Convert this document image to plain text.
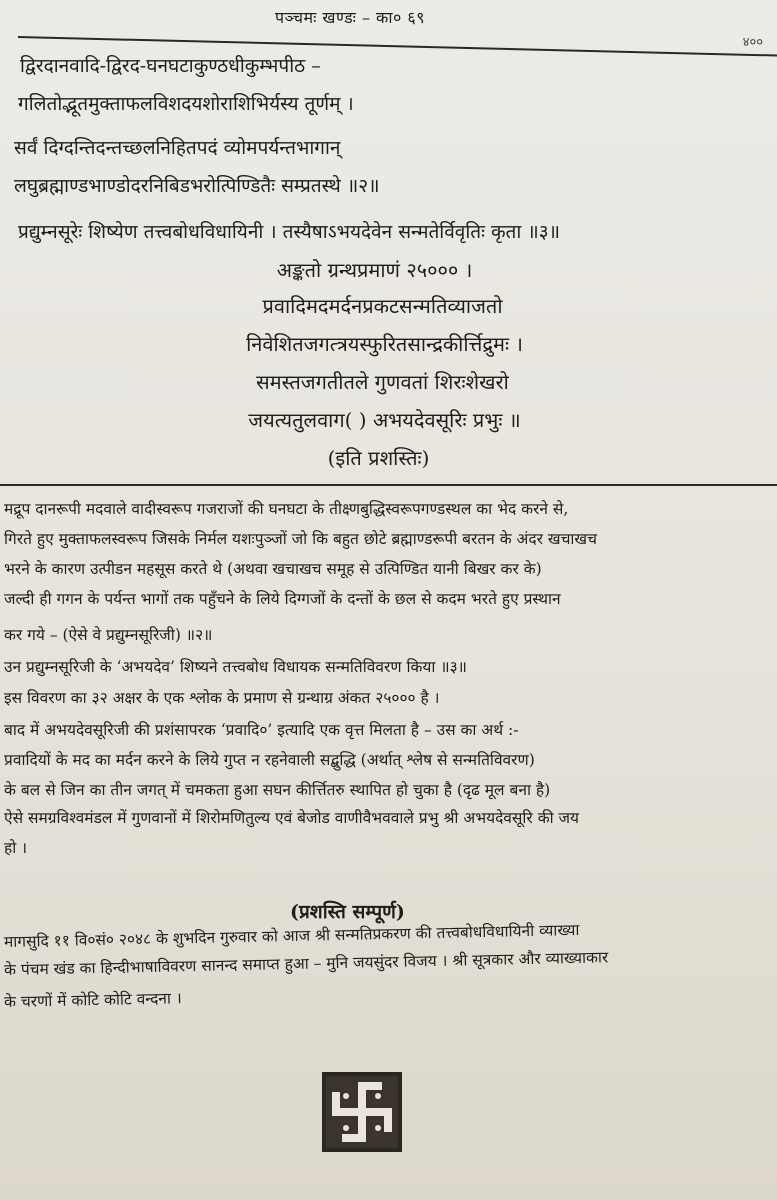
पञ्चमः खण्डः – का० ६९
४००
द्विरदानवादि-द्विरद-घनघटाकुण्ठधीकुम्भपीठ –
गलितोद्भूतमुक्ताफलविशदयशोराशिभिर्यस्य तूर्णम् ।
सर्वं दिग्दन्तिदन्तच्छलनिहितपदं व्योमपर्यन्तभागान्
लघुब्रह्माण्डभाण्डोदरनिबिडभरोत्पिण्डितैः सम्प्रतस्थे ॥२॥
प्रद्युम्नसूरेः शिष्येण तत्त्वबोधविधायिनी । तस्यैषाऽभयदेवेन सन्मतेर्विवृतिः कृता ॥३॥
अङ्कतो ग्रन्थप्रमाणं २५००० ।
प्रवादिमदमर्दनप्रकटसन्मतिव्याजतो
निवेशितजगत्त्रयस्फुरितसान्द्रकीर्त्तिद्रुमः ।
समस्तजगतीतले गुणवतां शिरःशेखरो
जयत्यतुलवाग( ) अभयदेवसूरिः प्रभुः ॥
(इति प्रशस्तिः)
मद्रूप दानरूपी मदवाले वादीस्वरूप गजराजों की घनघटा के तीक्ष्णबुद्धिस्वरूपगण्डस्थल का भेद करने से,
गिरते हुए मुक्ताफलस्वरूप जिसके निर्मल यशःपुञ्जों जो कि बहुत छोटे ब्रह्माण्डरूपी बरतन के अंदर खचाखच
भरने के कारण उत्पीडन महसूस करते थे (अथवा खचाखच समूह से उत्पिण्डित यानी बिखर कर के)
जल्दी ही गगन के पर्यन्त भागों तक पहुँचने के लिये दिग्गजों के दन्तों के छल से कदम भरते हुए प्रस्थान
कर गये – (ऐसे वे प्रद्युम्नसूरिजी) ॥२॥
उन प्रद्युम्नसूरिजी के ‘अभयदेव’ शिष्यने तत्त्वबोध विधायक सन्मतिविवरण किया ॥३॥
इस विवरण का ३२ अक्षर के एक श्लोक के प्रमाण से ग्रन्थाग्र अंकत २५००० है ।
बाद में अभयदेवसूरिजी की प्रशंसापरक ‘प्रवादि०’ इत्यादि एक वृत्त मिलता है – उस का अर्थ :-
प्रवादियों के मद का मर्दन करने के लिये गुप्त न रहनेवाली सद्बुद्धि (अर्थात् श्लेष से सन्मतिविवरण)
के बल से जिन का तीन जगत् में चमकता हुआ सघन कीर्त्तितरु स्थापित हो चुका है (दृढ मूल बना है)
ऐसे समग्रविश्वमंडल में गुणवानों में शिरोमणितुल्य एवं बेजोड वाणीवैभववाले प्रभु श्री अभयदेवसूरि की जय
हो ।
(प्रशस्ति सम्पूर्ण)
मागसुदि ११ वि०सं० २०४८ के शुभदिन गुरुवार को आज श्री सन्मतिप्रकरण की तत्त्वबोधविधायिनी व्याख्या
के पंचम खंड का हिन्दीभाषाविवरण सानन्द समाप्त हुआ – मुनि जयसुंदर विजय । श्री सूत्रकार और व्याख्याकार
के चरणों में कोटि कोटि वन्दना ।
